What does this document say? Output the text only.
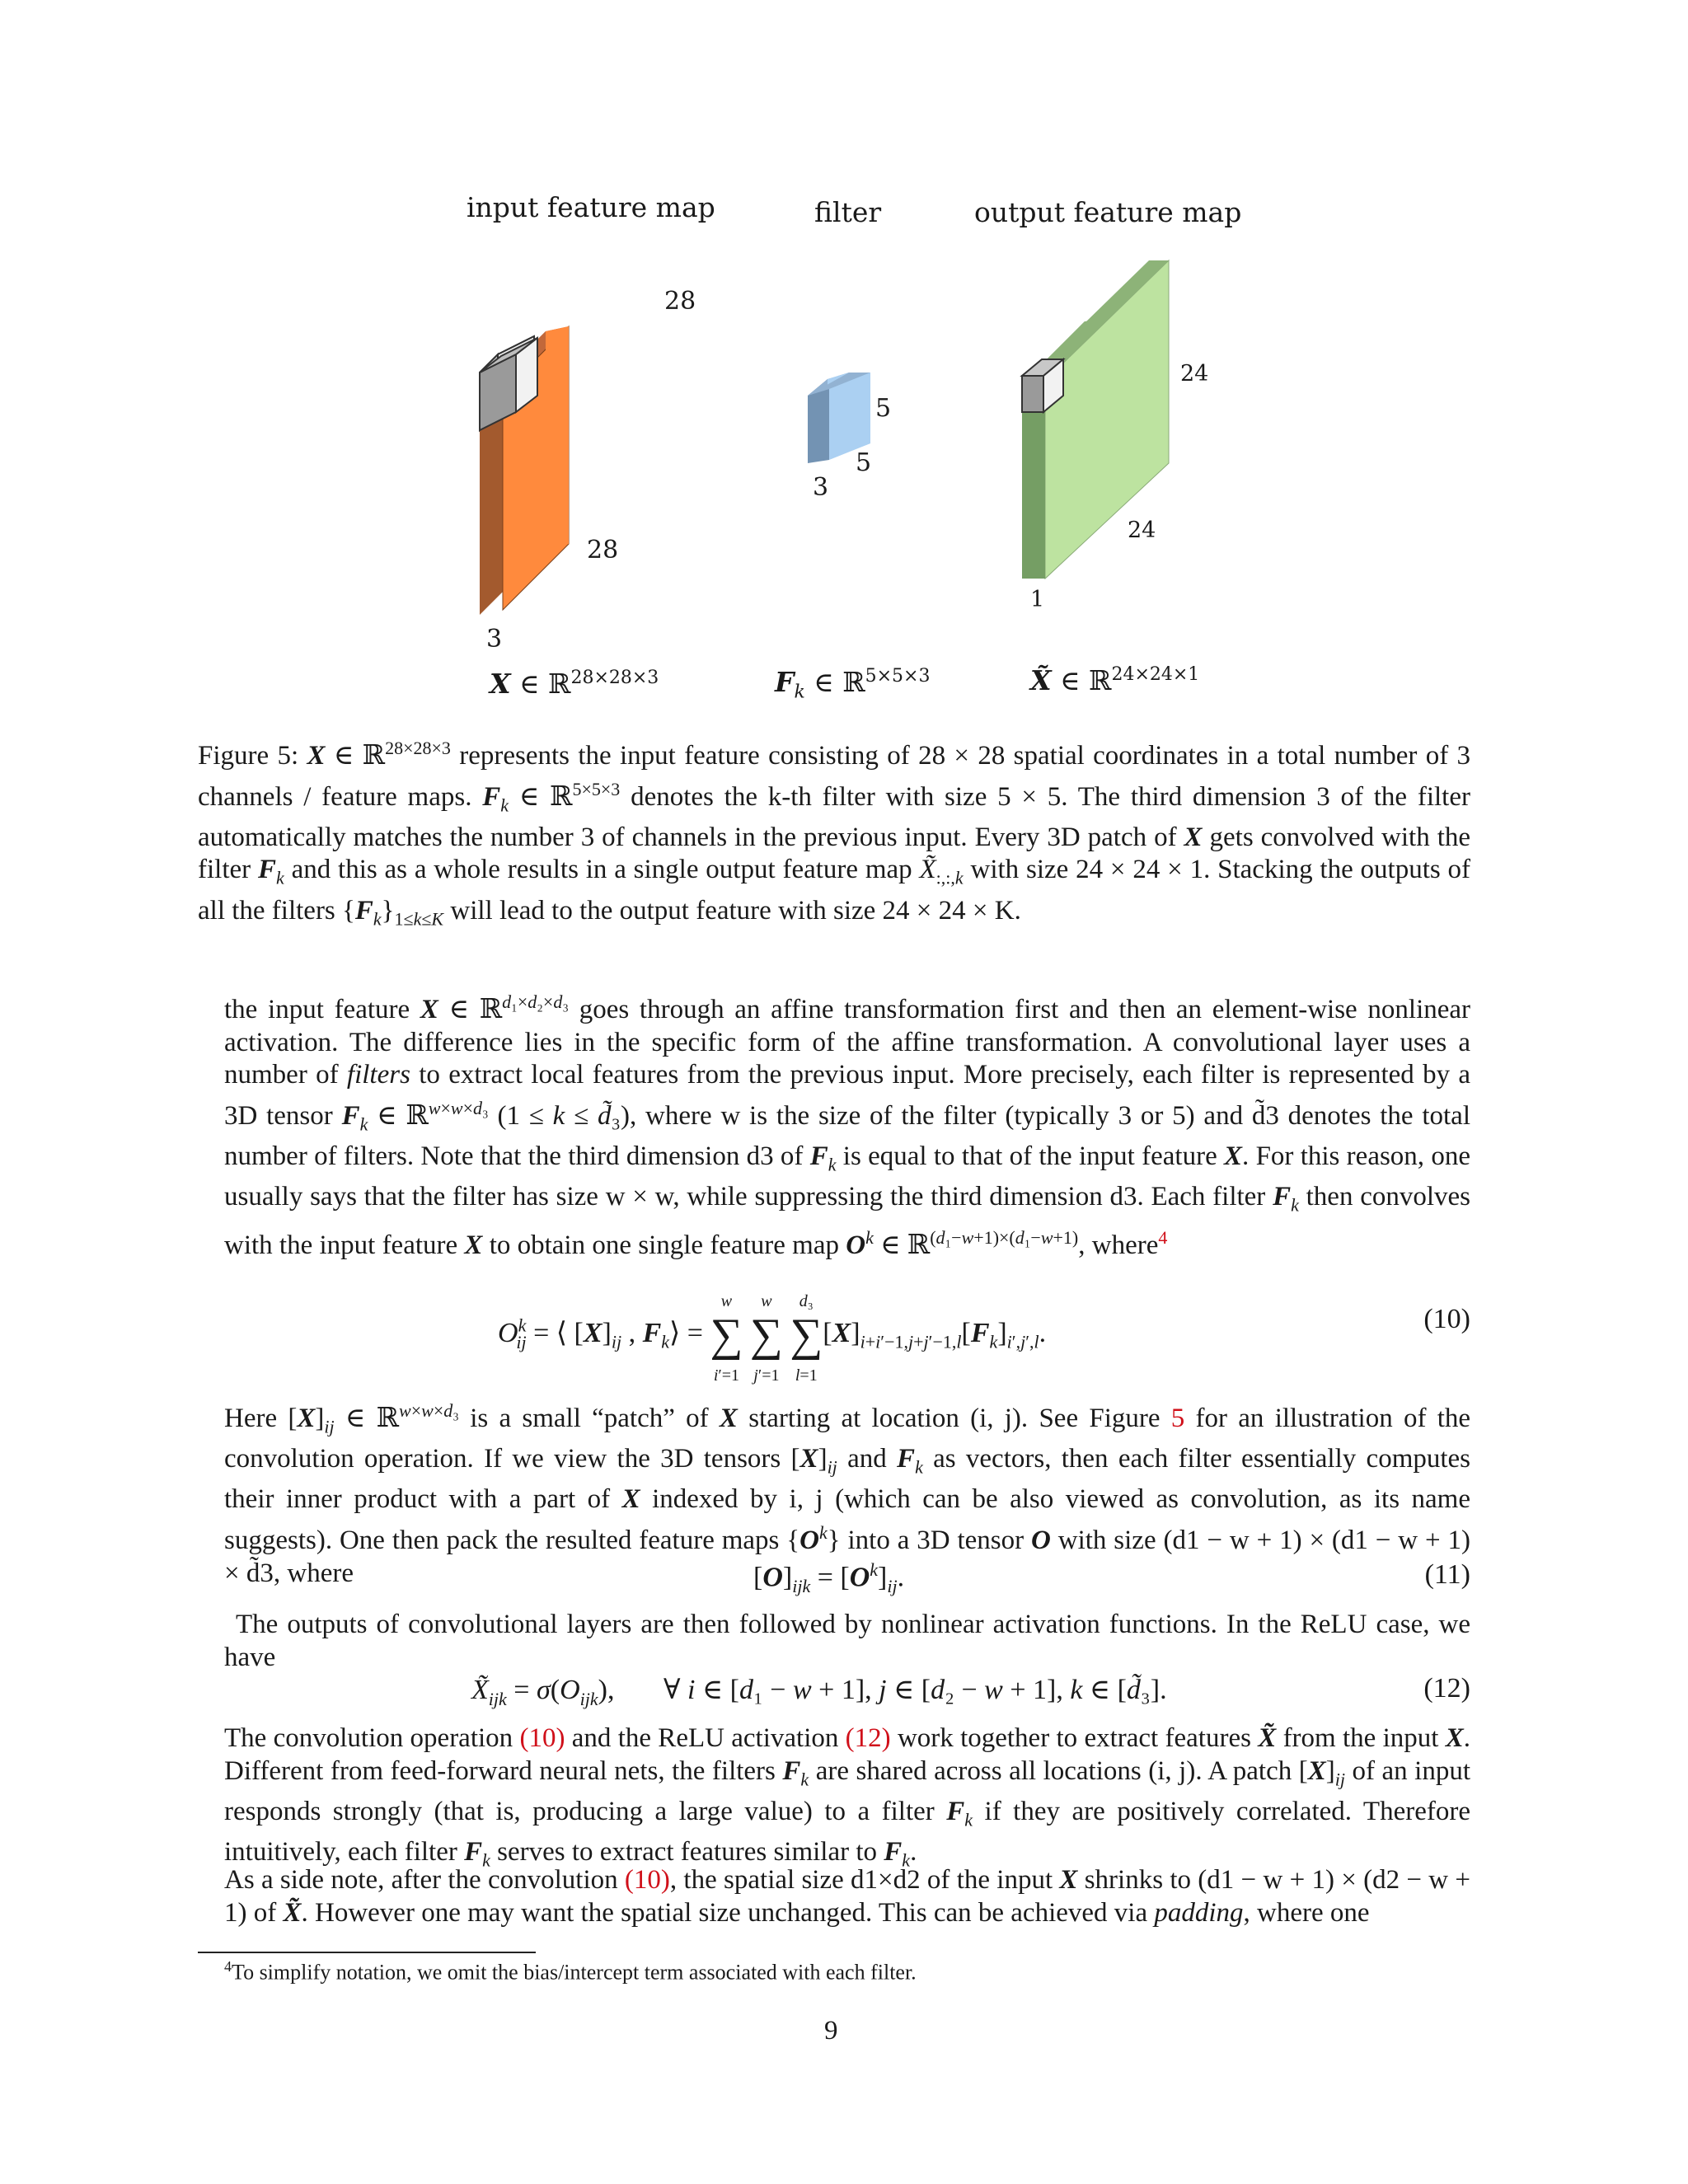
input feature map	filter	output feature map
28
28
3
5
5
3
24
24
1
X ∈ ℝ$^{28\times 28\times 3}$	$F_k$ ∈ ℝ$^{5\times 5\times 3}$	X̃ ∈ ℝ$^{24\times 24\times 1}$
Figure 5: X ∈ ℝ$^{28\times 28\times 3}$ represents the input feature consisting of 28 × 28 spatial coordinates in a total number of 3 channels / feature maps. $F_k$ ∈ ℝ$^{5\times 5\times 3}$ denotes the k-th filter with size 5 × 5. The third dimension 3 of the filter automatically matches the number 3 of channels in the previous input. Every 3D patch of X gets convolved with the filter $F_k$ and this as a whole results in a single output feature map $X̃_{:,:,k}$ with size 24 × 24 × 1. Stacking the outputs of all the filters $\{F_k\}_{1\le k\le K}$ will lead to the output feature with size 24 × 24 × K.
the input feature X ∈ ℝ$^{d_1\times d_2\times d_3}$ goes through an affine transformation first and then an element-wise nonlinear activation. The difference lies in the specific form of the affine transformation. A convolutional layer uses a number of filters to extract local features from the previous input. More precisely, each filter is represented by a 3D tensor $F_k$ ∈ ℝ$^{w\times w\times d_3}$ (1 ≤ k ≤ d̃₃), where w is the size of the filter (typically 3 or 5) and d̃3 denotes the total number of filters. Note that the third dimension d3 of $F_k$ is equal to that of the input feature X. For this reason, one usually says that the filter has size w × w, while suppressing the third dimension d3. Each filter $F_k$ then convolves with the input feature X to obtain one single feature map $O^k$ ∈ ℝ$^{(d_1-w+1)\times(d_1-w+1)}$, where$^4$
$O^k_{ij}$ = ⟨ $[X]_{ij}$ , $F_k⟩ = w$
∑
i′=1 w
∑
j′=1 d₃
∑
$l=1[X]_{i+i'-1,j+j'-1,l}[F_k]_{i',j',l}$.	(10)
Here $[X]_{ij}$ ∈ ℝ$^{w\times w\times d_3}$ is a small “patch” of X starting at location (i, j). See Figure 5 for an illustration of the convolution operation. If we view the 3D tensors $[X]_{ij}$ and $F_k$ as vectors, then each filter essentially computes their inner product with a part of X indexed by i, j (which can be also viewed as convolution, as its name suggests). One then pack the resulted feature maps $\{O^k\}$ into a 3D tensor O with size (d1 − w + 1) × (d1 − w + 1) × d̃3, where	$[O]_{ijk} = [O^k]_{ij}$.	(11)
The outputs of convolutional layers are then followed by nonlinear activation functions. In the ReLU case, we have
$X̃_{ijk} = \sigma(O_{ijk})$,       ∀ i ∈ [d₁ − w + 1], j ∈ [d₂ − w + 1], k ∈ [d̃₃].	(12)
The convolution operation (10) and the ReLU activation (12) work together to extract features X̃ from the input X. Different from feed-forward neural nets, the filters $F_k$ are shared across all locations (i, j). A patch $[X]_{ij}$ of an input responds strongly (that is, producing a large value) to a filter $F_k$ if they are positively correlated. Therefore intuitively, each filter $F_k$ serves to extract features similar to $F_k$.
As a side note, after the convolution (10), the spatial size d1×d2 of the input X shrinks to (d1 − w + 1) × (d2 − w + 1) of X̃. However one may want the spatial size unchanged. This can be achieved via padding, where one
$^4$To simplify notation, we omit the bias/intercept term associated with each filter.
9
